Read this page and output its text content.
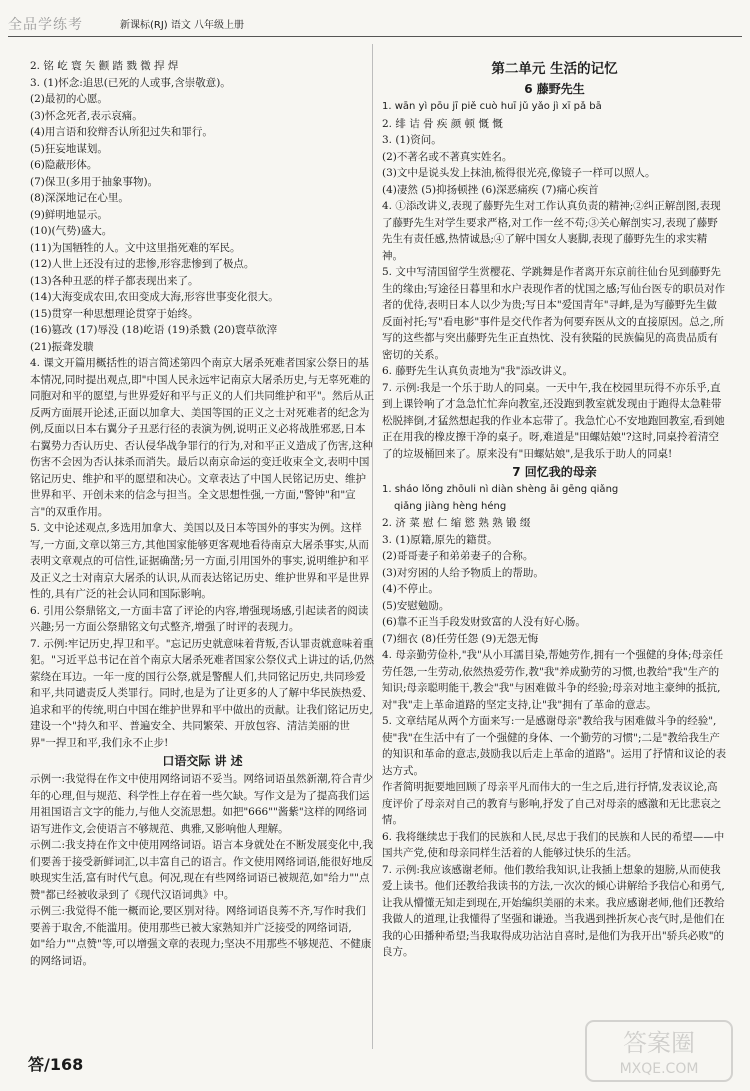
全品学练考	新课标(RJ) 语文 八年级上册
2. 铭 屹 寰 矢 颧 踏 戮 微 捍 焊
3. (1)怀念:追思(已死的人或事,含崇敬意)。
(2)最初的心愿。
(3)怀念死者,表示哀痛。
(4)用言语和狡辩否认所犯过失和罪行。
(5)狂妄地谋划。
(6)隐蔽形体。
(7)保卫(多用于抽象事物)。
(8)深深地记在心里。
(9)鲜明地显示。
(10)(气势)盛大。
(11)为国牺牲的人。文中这里指死难的军民。
(12)人世上还没有过的悲惨,形容悲惨到了极点。
(13)各种丑恶的样子都表现出来了。
(14)大海变成农田,农田变成大海,形容世事变化很大。
(15)贯穿一种思想理论贯穿于始终。
(16)篡改 (17)辱没 (18)屹语 (19)杀戮 (20)寰草欲滓
(21)振聋发聩
4. 课文开篇用概括性的语言简述第四个南京大屠杀死难者国家公祭日的基本情况,同时提出观点,即"中国人民永远牢记南京大屠杀历史,与无辜死难的同胞对和平的愿望,与世界爱好和平与正义的人们共同维护和平"。然后从正反两方面展开论述,正面以加拿大、美国等国的正义之士对死难者的纪念为例,反面以日本右翼分子丑恶行径的表演为例,说明正义必将战胜邪恶,日本右翼势力否认历史、否认侵华战争罪行的行为,对和平正义造成了伤害,这种伤害不会因为否认抹杀而消失。最后以南京命运的变迁收束全文,表明中国铭记历史、维护和平的愿望和决心。文章表达了中国人民铭记历史、维护世界和平、开创未来的信念与担当。全文思想性强,一方面,"警钟"和"宣言"的双重作用。
5. 文中论述观点,多选用加拿大、美国以及日本等国外的事实为例。这样写,一方面,文章以第三方,其他国家能够更客观地看待南京大屠杀事实,从而表明文章观点的可信性,证据确凿;另一方面,引用国外的事实,说明维护和平及正义之士对南京大屠杀的认识,从而表达铭记历史、维护世界和平是世界性的,具有广泛的社会认同和国际影响。
6. 引用公祭鼎铭文,一方面丰富了评论的内容,增强现场感,引起读者的阅读兴趣;另一方面公祭鼎铭文句式整齐,增强了时评的表现力。
7. 示例:牢记历史,捍卫和平。"忘记历史就意味着背叛,否认罪责就意味着重犯。"习近平总书记在首个南京大屠杀死难者国家公祭仪式上讲过的话,仍然萦绕在耳边。一年一度的国行公祭,就是警醒人们,共同铭记历史,共同珍爱和平,共同谴责反人类罪行。同时,也是为了让更多的人了解中华民族热爱、追求和平的传统,明白中国在维护世界和平中做出的贡献。让我们铭记历史,建设一个"持久和平、普遍安全、共同繁荣、开放包容、清洁美丽的世界"一捍卫和平,我们永不止步!
口语交际 讲 述
示例一:我觉得在作文中使用网络词语不妥当。网络词语虽然新潮,符合青少年的心理,但与规范、科学性上存在着一些欠缺。写作文是为了提高我们运用祖国语言文字的能力,与他人交流思想。如把"666""酱紫"这样的网络词语写进作文,会使语言不够规范、典雅,又影响他人理解。
示例二:我支持在作文中使用网络词语。语言本身就处在不断发展变化中,我们要善于接受新鲜词汇,以丰富自己的语言。作文使用网络词语,能很好地反映现实生活,富有时代气息。何况,现在有些网络词语已被规范,如"给力""点赞"都已经被收录到了《现代汉语词典》中。
示例三:我觉得不能一概而论,要区别对待。网络词语良莠不齐,写作时我们要善于取舍,不能滥用。使用那些已被大家熟知并广泛接受的网络词语,如"给力""点赞"等,可以增强文章的表现力;坚决不用那些不够规范、不健康的网络词语。
第二单元 生活的记忆
6 藤野先生
1. wān yì pōu jī piě cuò huī jǔ yǎo jì xī pǎ bā
2. 绯 诘 骨 疾 颜 顿 慨 慨
3. (1)资问。
(2)不著名或不著真实姓名。
(3)文中是说头发上抹油,梳得很光亮,像镜子一样可以照人。
(4)凄然 (5)抑扬顿挫 (6)深恶痛疾 (7)痛心疾首
4. ①添改讲义,表现了藤野先生对工作认真负责的精神;②纠正解剖图,表现了藤野先生对学生要求严格,对工作一丝不苟;③关心解剖实习,表现了藤野先生有责任感,热情诚恳;④了解中国女人裹脚,表现了藤野先生的求实精神。
5. 文中写清国留学生赏樱花、学跳舞是作者离开东京前往仙台见到藤野先生的缘由;写途径日暮里和水户表现作者的忧国之感;写仙台医专的职员对作者的优待,表明日本人以少为贵;写日本"爱国青年"寻衅,是为写藤野先生做反面衬托;写"看电影"事件是交代作者为何要弃医从文的直接原因。总之,所写的这些都与突出藤野先生正直热忱、没有狭隘的民族偏见的高贵品质有密切的关系。
6. 藤野先生认真负责地为"我"添改讲义。
7. 示例:我是一个乐于助人的同桌。一天中午,我在校园里玩得不亦乐乎,直到上课铃响了才急急忙忙奔向教室,还没跑到教室就发现由于跑得太急鞋带松脱摔倒,才猛然想起我的作业本忘带了。我急忙心不安地跑回教室,看到她正在用我的橡皮擦干净的桌子。呀,难道是"田螺姑娘"?这时,同桌拎着清空了的垃圾桶回来了。原来没有"田螺姑娘",是我乐于助人的同桌!
7 回忆我的母亲
1. sháo lǒng zhōuli nì diàn shèng āi gēng qiǎng
qiǎng jiàng hèng héng
2. 济 菜 慰 仁 缩 慾 熟 熟 锻 缀
3. (1)原籍,原先的籍贯。
(2)哥哥妻子和弟弟妻子的合称。
(3)对穷困的人给予物质上的帮助。
(4)不停止。
(5)安慰勉励。
(6)靠不正当手段发财致富的人没有好心肠。
(7)细衣 (8)任劳任怨 (9)无怨无悔
4. 母亲勤劳俭朴,"我"从小耳濡目染,帮她劳作,拥有一个强健的身体;母亲任劳任怨,一生劳动,依然热爱劳作,教"我"养成勤劳的习惯,也教给"我"生产的知识;母亲聪明能干,教会"我"与困难做斗争的经验;母亲对地主豪绅的抵抗,对"我"走上革命道路的坚定支持,让"我"拥有了革命的意志。
5. 文章结尾从两个方面来写:一是感谢母亲"教给我与困难做斗争的经验",使"我"在生活中有了一个强健的身体、一个勤劳的习惯";二是"教给我生产的知识和革命的意志,鼓励我以后走上革命的道路"。运用了抒情和议论的表达方式。
作者简明扼要地回顾了母亲平凡而伟大的一生之后,进行抒情,发表议论,高度评价了母亲对自己的教育与影响,抒发了自己对母亲的感激和无比悲哀之情。
6. 我将继续忠于我们的民族和人民,尽忠于我们的民族和人民的希望——中国共产党,使和母亲同样生活着的人能够过快乐的生活。
7. 示例:我应该感谢老师。他们教给我知识,让我插上想象的翅膀,从而使我爱上读书。他们还教给我读书的方法,一次次的倾心讲解给予我信心和勇气,让我从懵懂无知走到现在,开始编织美丽的未来。我应感谢老师,他们还教给我做人的道理,让我懂得了坚强和谦逊。当我遇到挫折灰心丧气时,是他们在我的心田播种希望;当我取得成功沾沾自喜时,是他们为我开出"骄兵必败"的良方。
答/168
答案圈
MXQE.COM
